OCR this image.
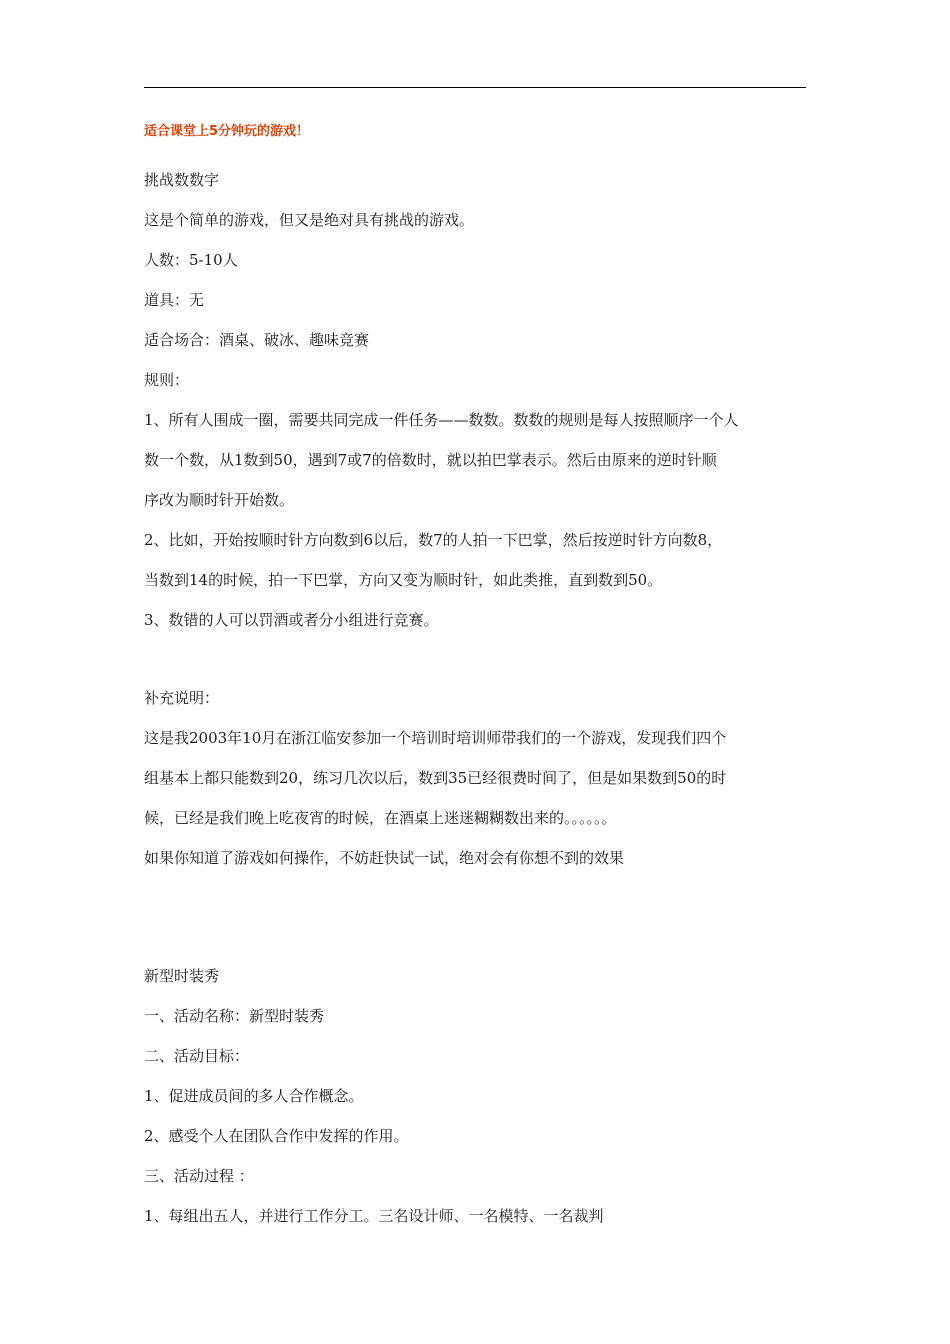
适合课堂上5分钟玩的游戏！
挑战数数字
这是个简单的游戏，但又是绝对具有挑战的游戏。
人数：5-10人
道具：无
适合场合：酒桌、破冰、趣味竞赛
规则：
1、所有人围成一圈，需要共同完成一件任务——数数。数数的规则是每人按照顺序一个人
数一个数，从1数到50，遇到7或7的倍数时，就以拍巴掌表示。然后由原来的逆时针顺
序改为顺时针开始数。
2、比如，开始按顺时针方向数到6以后，数7的人拍一下巴掌，然后按逆时针方向数8，
当数到14的时候，拍一下巴掌，方向又变为顺时针，如此类推，直到数到50。
3、数错的人可以罚酒或者分小组进行竞赛。
补充说明：
这是我2003年10月在浙江临安参加一个培训时培训师带我们的一个游戏，发现我们四个
组基本上都只能数到20，练习几次以后，数到35已经很费时间了，但是如果数到50的时
候，已经是我们晚上吃夜宵的时候，在酒桌上迷迷糊糊数出来的。。。。。。
如果你知道了游戏如何操作，不妨赶快试一试，绝对会有你想不到的效果
新型时装秀
一、活动名称：新型时装秀
二、活动目标：
1、促进成员间的多人合作概念。
2、感受个人在团队合作中发挥的作用。
三、活动过程 ：
1、每组出五人，并进行工作分工。三名设计师、一名模特、一名裁判
